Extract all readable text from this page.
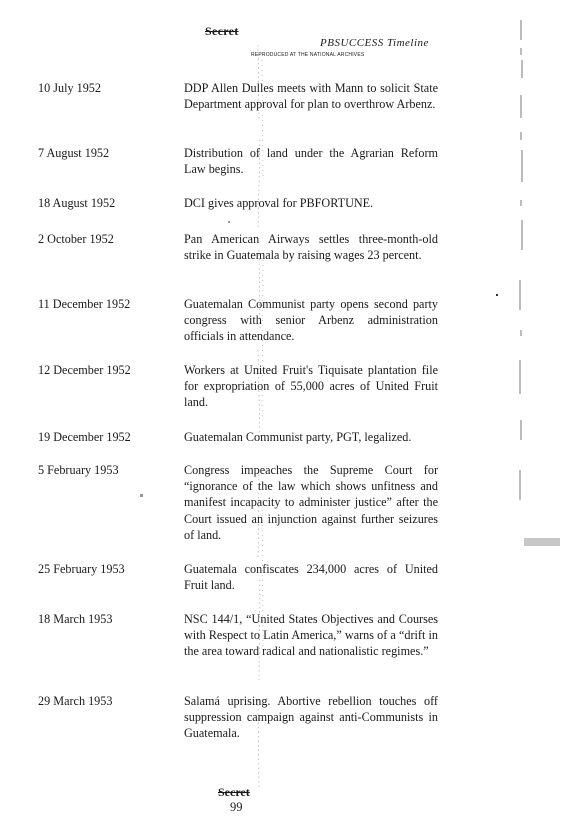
Secret
PBSUCCESS Timeline
REPRODUCED AT THE NATIONAL ARCHIVES
10 July 1952	DDP Allen Dulles meets with Mann to solicit State Department approval for plan to overthrow Arbenz.
7 August 1952	Distribution of land under the Agrarian Reform Law begins.
18 August 1952	DCI gives approval for PBFORTUNE.
2 October 1952	Pan American Airways settles three-month-old strike in Guatemala by raising wages 23 percent.
11 December 1952	Guatemalan Communist party opens second party congress with senior Arbenz administration officials in attendance.
12 December 1952	Workers at United Fruit's Tiquisate plantation file for expropriation of 55,000 acres of United Fruit land.
19 December 1952	Guatemalan Communist party, PGT, legalized.
5 February 1953	Congress impeaches the Supreme Court for “ignorance of the law which shows unfitness and manifest incapacity to administer justice” after the Court issued an injunction against further seizures of land.
25 February 1953	Guatemala confiscates 234,000 acres of United Fruit land.
18 March 1953	NSC 144/1, “United States Objectives and Courses with Respect to Latin America,” warns of a “drift in the area toward radical and nationalistic regimes.”
29 March 1953	Salamá uprising. Abortive rebellion touches off suppression campaign against anti-Communists in Guatemala.
Secret
99
